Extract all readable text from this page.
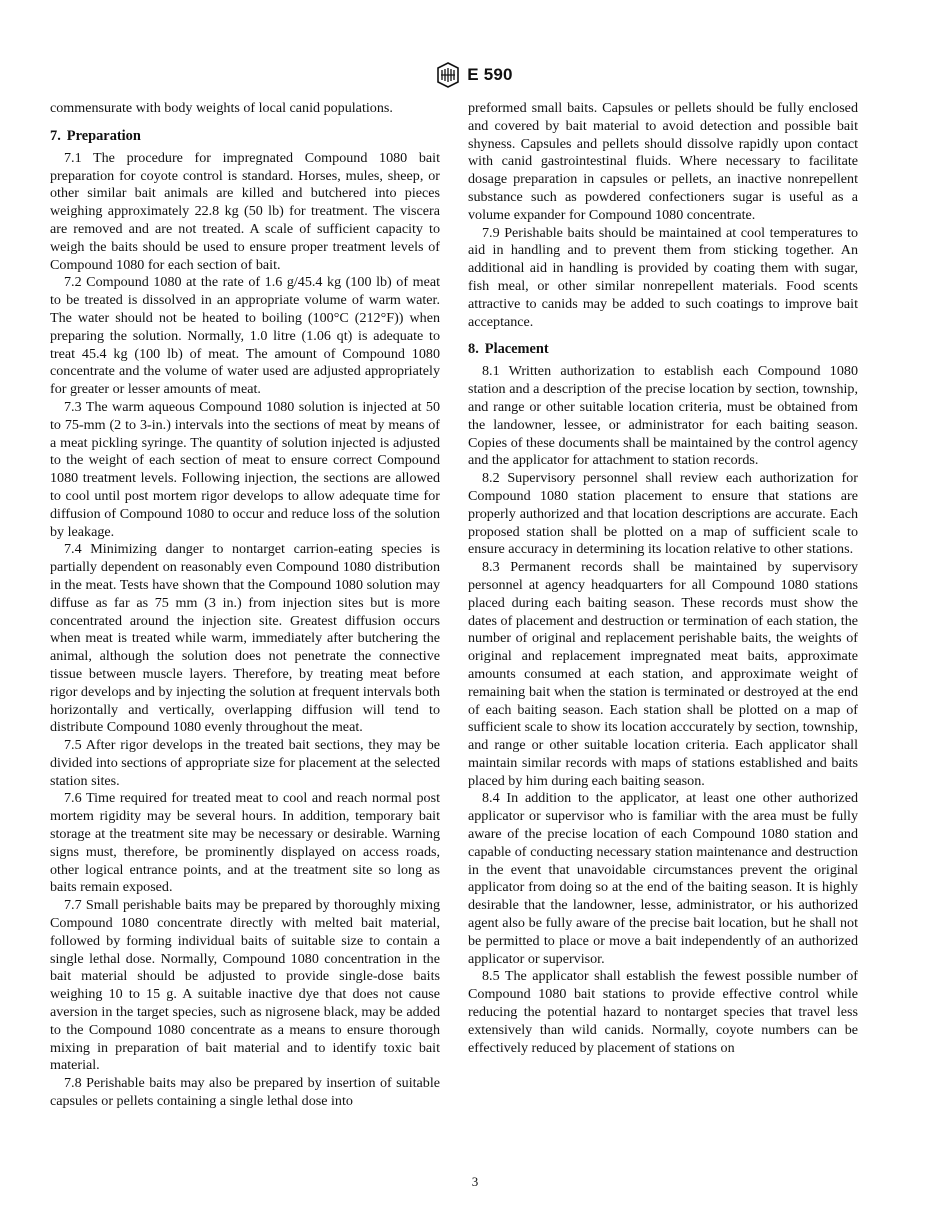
E 590

commensurate with body weights of local canid populations.

7. Preparation

7.1 The procedure for impregnated Compound 1080 bait preparation for coyote control is standard. Horses, mules, sheep, or other similar bait animals are killed and butchered into pieces weighing approximately 22.8 kg (50 lb) for treatment. The viscera are removed and are not treated. A scale of sufficient capacity to weigh the baits should be used to ensure proper treatment levels of Compound 1080 for each section of bait.

7.2 Compound 1080 at the rate of 1.6 g/45.4 kg (100 lb) of meat to be treated is dissolved in an appropriate volume of warm water. The water should not be heated to boiling (100°C (212°F)) when preparing the solution. Normally, 1.0 litre (1.06 qt) is adequate to treat 45.4 kg (100 lb) of meat. The amount of Compound 1080 concentrate and the volume of water used are adjusted appropriately for greater or lesser amounts of meat.

7.3 The warm aqueous Compound 1080 solution is injected at 50 to 75-mm (2 to 3-in.) intervals into the sections of meat by means of a meat pickling syringe. The quantity of solution injected is adjusted to the weight of each section of meat to ensure correct Compound 1080 treatment levels. Following injection, the sections are allowed to cool until post mortem rigor develops to allow adequate time for diffusion of Compound 1080 to occur and reduce loss of the solution by leakage.

7.4 Minimizing danger to nontarget carrion-eating species is partially dependent on reasonably even Compound 1080 distribution in the meat. Tests have shown that the Compound 1080 solution may diffuse as far as 75 mm (3 in.) from injection sites but is more concentrated around the injection site. Greatest diffusion occurs when meat is treated while warm, immediately after butchering the animal, although the solution does not penetrate the connective tissue between muscle layers. Therefore, by treating meat before rigor develops and by injecting the solution at frequent intervals both horizontally and vertically, overlapping diffusion will tend to distribute Compound 1080 evenly throughout the meat.

7.5 After rigor develops in the treated bait sections, they may be divided into sections of appropriate size for placement at the selected station sites.

7.6 Time required for treated meat to cool and reach normal post mortem rigidity may be several hours. In addition, temporary bait storage at the treatment site may be necessary or desirable. Warning signs must, therefore, be prominently displayed on access roads, other logical entrance points, and at the treatment site so long as baits remain exposed.

7.7 Small perishable baits may be prepared by thoroughly mixing Compound 1080 concentrate directly with melted bait material, followed by forming individual baits of suitable size to contain a single lethal dose. Normally, Compound 1080 concentration in the bait material should be adjusted to provide single-dose baits weighing 10 to 15 g. A suitable inactive dye that does not cause aversion in the target species, such as nigrosene black, may be added to the Compound 1080 concentrate as a means to ensure thorough mixing in preparation of bait material and to identify toxic bait material.

7.8 Perishable baits may also be prepared by insertion of suitable capsules or pellets containing a single lethal dose into

preformed small baits. Capsules or pellets should be fully enclosed and covered by bait material to avoid detection and possible bait shyness. Capsules and pellets should dissolve rapidly upon contact with canid gastrointestinal fluids. Where necessary to facilitate dosage preparation in capsules or pellets, an inactive nonrepellent substance such as powdered confectioners sugar is useful as a volume expander for Compound 1080 concentrate.

7.9 Perishable baits should be maintained at cool temperatures to aid in handling and to prevent them from sticking together. An additional aid in handling is provided by coating them with sugar, fish meal, or other similar nonrepellent materials. Food scents attractive to canids may be added to such coatings to improve bait acceptance.

8. Placement

8.1 Written authorization to establish each Compound 1080 station and a description of the precise location by section, township, and range or other suitable location criteria, must be obtained from the landowner, lessee, or administrator for each baiting season. Copies of these documents shall be maintained by the control agency and the applicator for attachment to station records.

8.2 Supervisory personnel shall review each authorization for Compound 1080 station placement to ensure that stations are properly authorized and that location descriptions are accurate. Each proposed station shall be plotted on a map of sufficient scale to ensure accuracy in determining its location relative to other stations.

8.3 Permanent records shall be maintained by supervisory personnel at agency headquarters for all Compound 1080 stations placed during each baiting season. These records must show the dates of placement and destruction or termination of each station, the number of original and replacement perishable baits, the weights of original and replacement impregnated meat baits, approximate amounts consumed at each station, and approximate weight of remaining bait when the station is terminated or destroyed at the end of each baiting season. Each station shall be plotted on a map of sufficient scale to show its location acccurately by section, township, and range or other suitable location criteria. Each applicator shall maintain similar records with maps of stations established and baits placed by him during each baiting season.

8.4 In addition to the applicator, at least one other authorized applicator or supervisor who is familiar with the area must be fully aware of the precise location of each Compound 1080 station and capable of conducting necessary station maintenance and destruction in the event that unavoidable circumstances prevent the original applicator from doing so at the end of the baiting season. It is highly desirable that the landowner, lesse, administrator, or his authorized agent also be fully aware of the precise bait location, but he shall not be permitted to place or move a bait independently of an authorized applicator or supervisor.

8.5 The applicator shall establish the fewest possible number of Compound 1080 bait stations to provide effective control while reducing the potential hazard to nontarget species that travel less extensively than wild canids. Normally, coyote numbers can be effectively reduced by placement of stations on

3
